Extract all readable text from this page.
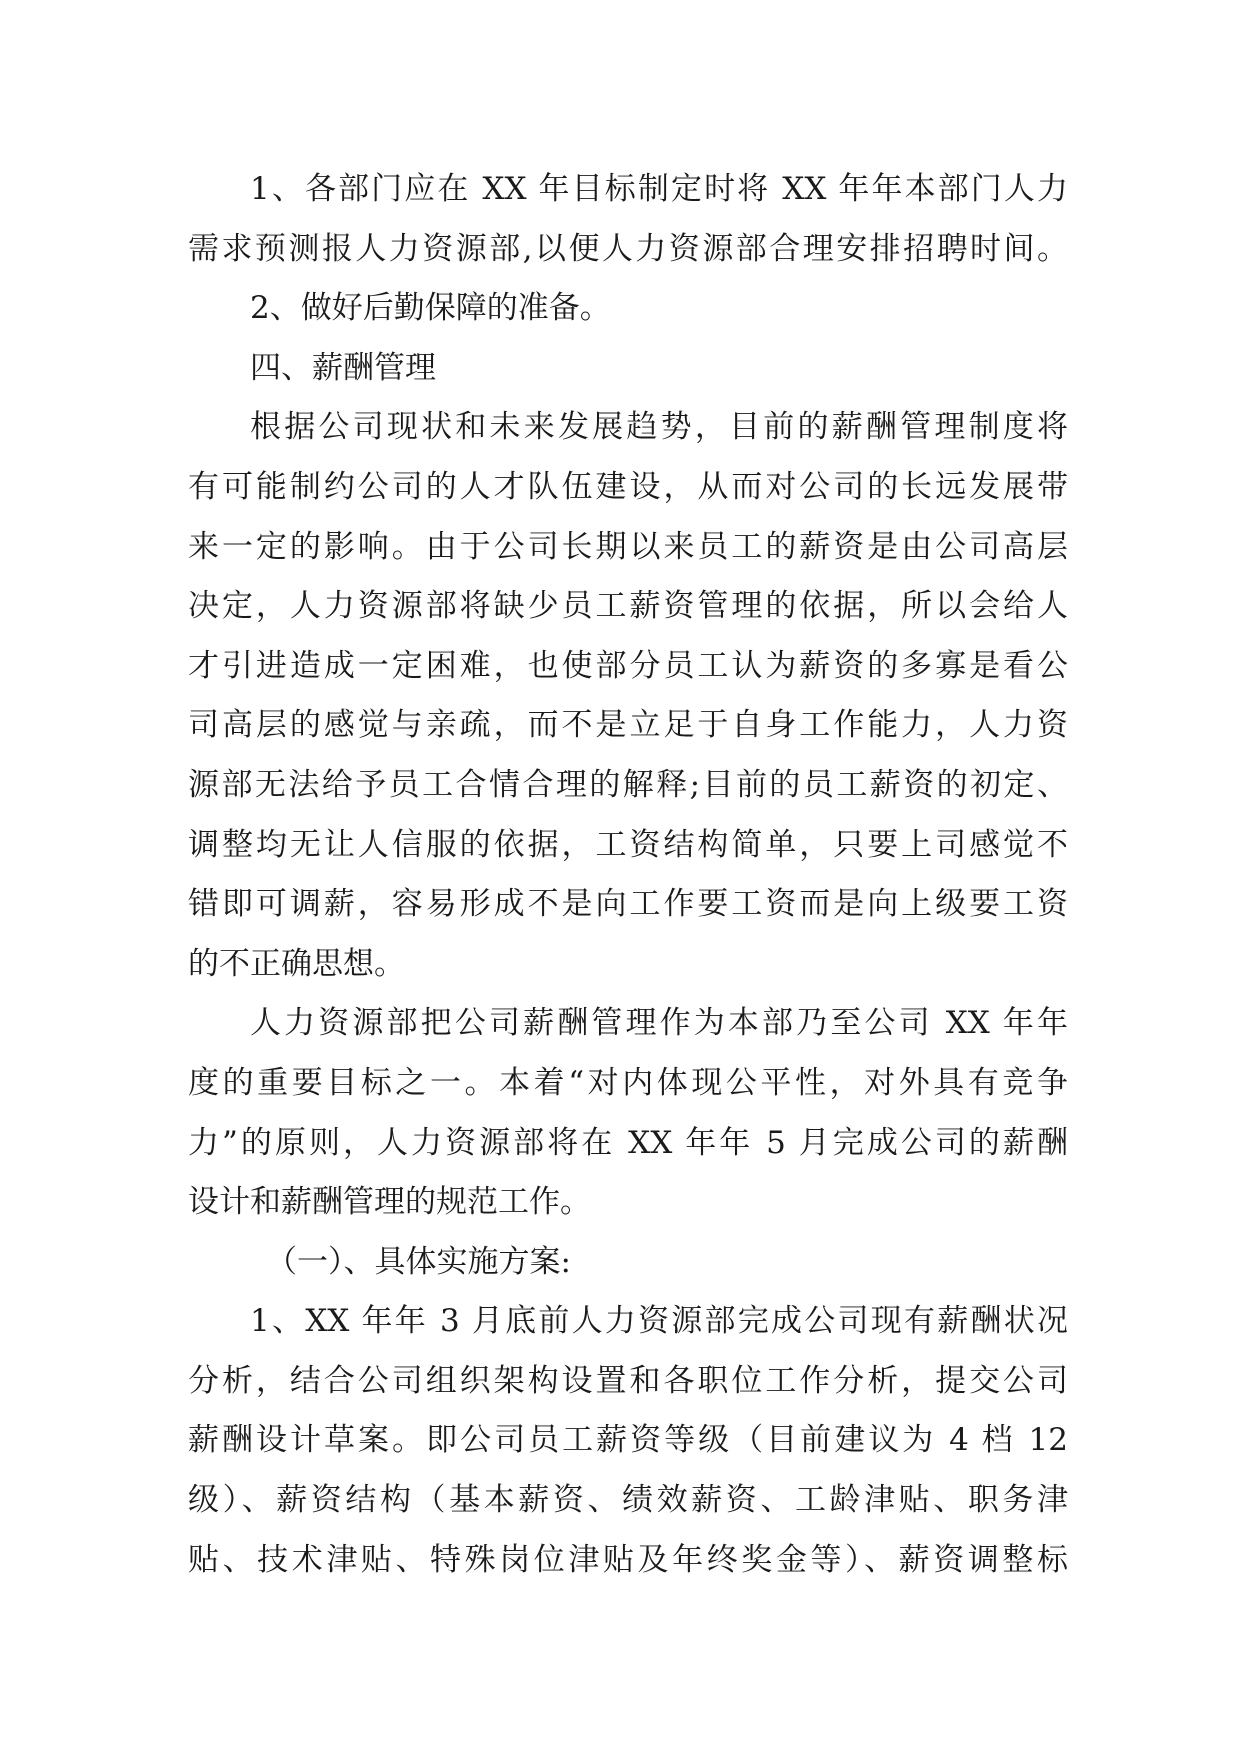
1、各部门应在 XX 年目标制定时将 XX 年年本部门人力
需求预测报人力资源部,以便人力资源部合理安排招聘时间。
2、做好后勤保障的准备。
四、薪酬管理
根据公司现状和未来发展趋势，目前的薪酬管理制度将
有可能制约公司的人才队伍建设，从而对公司的长远发展带
来一定的影响。由于公司长期以来员工的薪资是由公司高层
决定，人力资源部将缺少员工薪资管理的依据，所以会给人
才引进造成一定困难，也使部分员工认为薪资的多寡是看公
司高层的感觉与亲疏，而不是立足于自身工作能力，人力资
源部无法给予员工合情合理的解释;目前的员工薪资的初定、
调整均无让人信服的依据，工资结构简单，只要上司感觉不
错即可调薪，容易形成不是向工作要工资而是向上级要工资
的不正确思想。
人力资源部把公司薪酬管理作为本部乃至公司 XX 年年
度的重要目标之一。本着“对内体现公平性，对外具有竞争
力”的原则，人力资源部将在 XX 年年 5 月完成公司的薪酬
设计和薪酬管理的规范工作。
（一）、具体实施方案:
1、XX 年年 3 月底前人力资源部完成公司现有薪酬状况
分析，结合公司组织架构设置和各职位工作分析，提交公司
薪酬设计草案。即公司员工薪资等级（目前建议为 4 档 12
级）、薪资结构（基本薪资、绩效薪资、工龄津贴、职务津
贴、技术津贴、特殊岗位津贴及年终奖金等）、薪资调整标
